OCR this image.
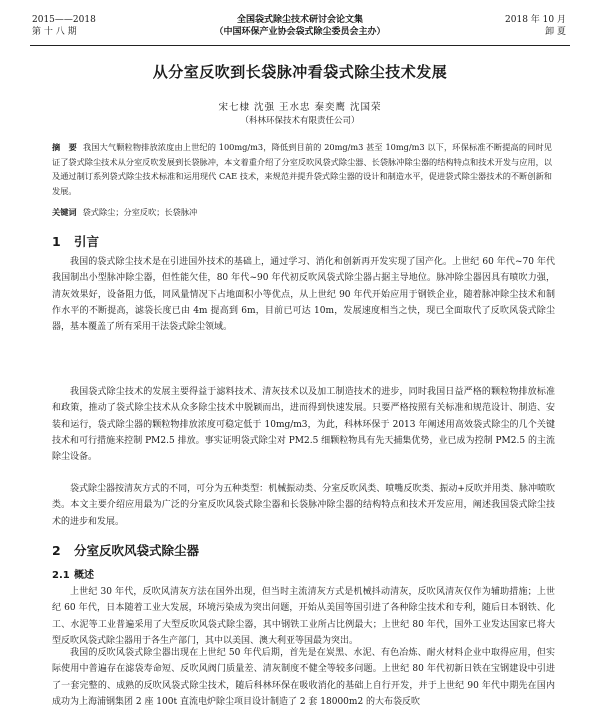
2015——2018
第 十 八 期
全国袋式除尘技术研讨会论文集
（中国环保产业协会袋式除尘委员会主办）
2018 年 10 月
卸 夏
从分室反吹到长袋脉冲看袋式除尘技术发展
宋七棣 沈强 王水忠 秦奕鹰 沈国荣
（科林环保技术有限责任公司）
摘　要 我国大气颗粒物排放浓度由上世纪的 100mg/m3，降低到目前的 20mg/m3 甚至 10mg/m3 以下，环保标准不断提高的同时见证了袋式除尘技术从分室反吹发展到长袋脉冲，本文着重介绍了分室反吹风袋式除尘器、长袋脉冲除尘器的结构特点和技术开发与应用，以及通过制订系列袋式除尘技术标准和运用现代 CAE 技术，来规范并提升袋式除尘器的设计和制造水平，促进袋式除尘器技术的不断创新和发展。
关键词 袋式除尘；分室反吹；长袋脉冲
1 引言

我国的袋式除尘技术是在引进国外技术的基础上，通过学习、消化和创新再开发实现了国产化。上世纪 60 年代~70 年代我国制出小型脉冲除尘器，但性能欠佳，80 年代~90 年代初反吹风袋式除尘器占据主导地位。脉冲除尘器因具有喷吹力强，清灰效果好，设备阻力低，同风量情况下占地面积小等优点，从上世纪 90 年代开始应用于钢铁企业，随着脉冲除尘技术和制作水平的不断提高，滤袋长度已由 4m 提高到 6m，目前已可达 10m，发展速度相当之快，现已全面取代了反吹风袋式除尘器，基本覆盖了所有采用干法袋式除尘领域。

我国袋式除尘技术的发展主要得益于滤料技术、清灰技术以及加工制造技术的进步，同时我国日益严格的颗粒物排放标准和政策，推动了袋式除尘技术从众多除尘技术中脱颖而出，进而得到快速发展。只要严格按照有关标准和规范设计、制造、安装和运行，袋式除尘器的颗粒物排放浓度可稳定低于 10mg/m3，为此，科林环保于 2013 年阐述用高效袋式除尘的几个关键技术和可行措施来控制 PM2.5 排放。事实证明袋式除尘对 PM2.5 细颗粒物具有先天捕集优势，业已成为控制 PM2.5 的主流除尘设备。

袋式除尘器按清灰方式的不同，可分为五种类型：机械振动类、分室反吹风类、喷嘴反吹类、振动+反吹并用类、脉冲喷吹类。本文主要介绍应用最为广泛的分室反吹风袋式除尘器和长袋脉冲除尘器的结构特点和技术开发应用，阐述我国袋式除尘技术的进步和发展。

2 分室反吹风袋式除尘器
2.1 概述

上世纪 30 年代，反吹风清灰方法在国外出现，但当时主流清灰方式是机械抖动清灰，反吹风清灰仅作为辅助措施；上世纪 60 年代，日本随着工业大发展，环境污染成为突出问题，开始从美国等国引进了各种除尘技术和专利，随后日本钢铁、化工、水泥等工业普遍采用了大型反吹风袋式除尘器，其中钢铁工业所占比例最大；上世纪 80 年代，国外工业发达国家已将大型反吹风袋式除尘器用于各生产部门，其中以美国、澳大利亚等国最为突出。

我国的反吹风袋式除尘器出现在上世纪 50 年代后期，首先是在炭黑、水泥、有色冶炼、耐火材料企业中取得应用，但实际使用中普遍存在滤袋寿命短、反吹风阀门质量差、清灰制度不健全等较多问题。上世纪 80 年代初新日铁在宝钢建设中引进了一套完整的、成熟的反吹风袋式除尘技术，随后科林环保在吸收消化的基础上自行开发，并于上世纪 90 年代中期先在国内成功为上海浦钢集团 2 座 100t 直流电炉除尘项目设计制造了 2 套 18000m2 的大布袋反吹
